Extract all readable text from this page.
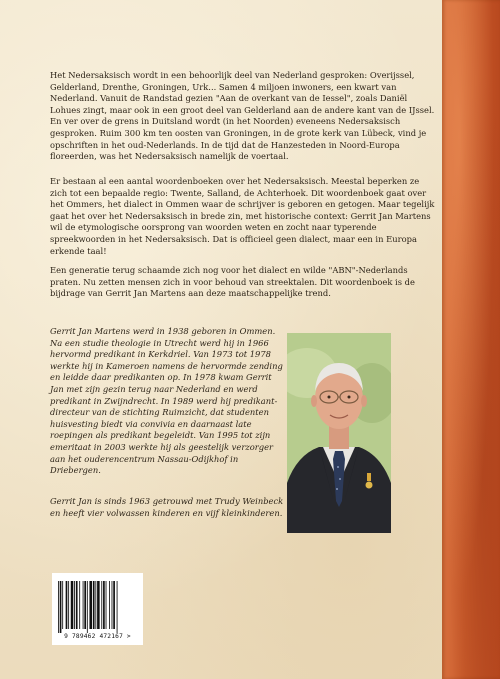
Het Nedersaksisch wordt in een behoorlijk deel van Nederland gesproken: Overijssel, Gelderland, Drenthe, Groningen, Urk... Samen 4 miljoen inwoners, een kwart van Nederland. Vanuit de Randstad gezien "Aan de overkant van de Iessel", zoals Daniël Lohues zingt, maar ook in een groot deel van Gelderland aan de andere kant van de IJssel. En ver over de grens in Duitsland wordt (in het Noorden) eveneens Nedersaksisch gesproken. Ruim 300 km ten oosten van Groningen, in de grote kerk van Lübeck, vind je opschriften in het oud-Nederlands. In de tijd dat de Hanzesteden in Noord-Europa floreerden, was het Nedersaksisch namelijk de voertaal.

Er bestaan al een aantal woordenboeken over het Nedersaksisch. Meestal beperken ze zich tot een bepaalde regio: Twente, Salland, de Achterhoek. Dit woordenboek gaat over het Ommers, het dialect in Ommen waar de schrijver is geboren en getogen. Maar tegelijk gaat het over het Nedersaksisch in brede zin, met historische context: Gerrit Jan Martens wil de etymologische oorsprong van woorden weten en zocht naar typerende spreekwoorden in het Nedersaksisch. Dat is officieel geen dialect, maar een in Europa erkende taal!

Een generatie terug schaamde zich nog voor het dialect en wilde "ABN"-Nederlands praten. Nu zetten mensen zich in voor behoud van streektalen. Dit woordenboek is de bijdrage van Gerrit Jan Martens aan deze maatschappelijke trend.

Gerrit Jan Martens werd in 1938 geboren in Ommen. Na een studie theologie in Utrecht werd hij in 1966 hervormd predikant in Kerkdriel. Van 1973 tot 1978 werkte hij in Kameroen namens de hervormde zending en leidde daar predikanten op. In 1978 kwam Gerrit Jan met zijn gezin terug naar Nederland en werd predikant in Zwijndrecht. In 1989 werd hij predikant-directeur van de stichting Ruimzicht, dat studenten huisvesting biedt via convivia en daarnaast late roepingen als predikant begeleidt. Van 1995 tot zijn emeritaat in 2003 werkte hij als geestelijk verzorger aan het ouderencentrum Nassau-Odijkhof in Driebergen.

Gerrit Jan is sinds 1963 getrouwd met Trudy Weinbeck en heeft vier volwassen kinderen en vijf kleinkinderen.

9 789462 472167 >
